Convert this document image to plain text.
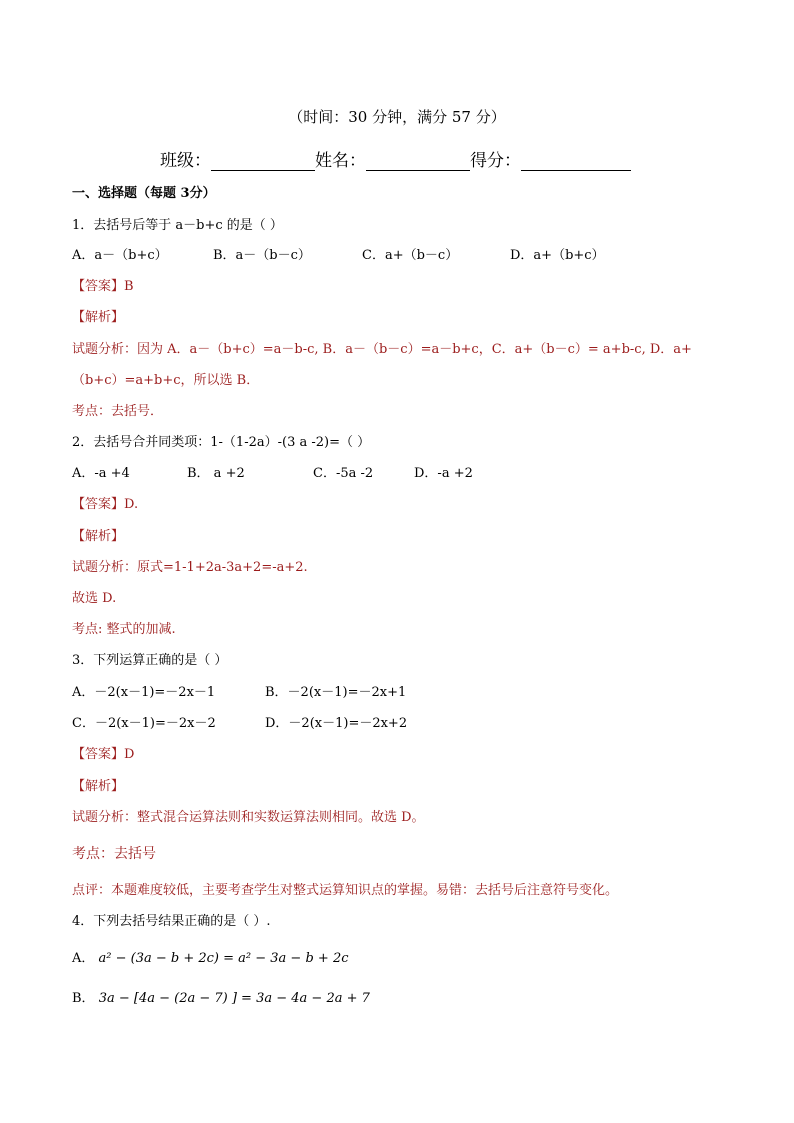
（时间：30 分钟，满分 57 分）
班级：	姓名：	得分：
一、选择题（每题 3分）
1．去括号后等于 a－b+c 的是（ ）
A．a－（b+c）	B．a－（b－c）	C．a+（b－c）	D．a+（b+c）
【答案】B
【解析】
试题分析：因为 A．a－（b+c）=a－b-c, B．a－（b－c）=a－b+c，C．a+（b－c）= a+b-c, D．a+
（b+c）=a+b+c，所以选 B．
考点：去括号．
2．去括号合并同类项：1-（1-2a）-(3 a -2)=（ ）
A．-a +4	B． a +2	C．-5a -2	D．-a +2
【答案】D.
【解析】
试题分析：原式=1-1+2a-3a+2=-a+2.
故选 D.
考点: 整式的加减.
3．下列运算正确的是（ ）
A．－2(x－1)=－2x－1	B．－2(x－1)=－2x+1
C．－2(x－1)=－2x－2	D．－2(x－1)=－2x+2
【答案】D
【解析】
试题分析：整式混合运算法则和实数运算法则相同。故选 D。
考点：去括号
点评：本题难度较低，主要考查学生对整式运算知识点的掌握。易错：去括号后注意符号变化。
4．下列去括号结果正确的是（ ）.
A． a² − (3a − b + 2c) = a² − 3a − b + 2c
B． 3a − [4a − (2a − 7) ] = 3a − 4a − 2a + 7
